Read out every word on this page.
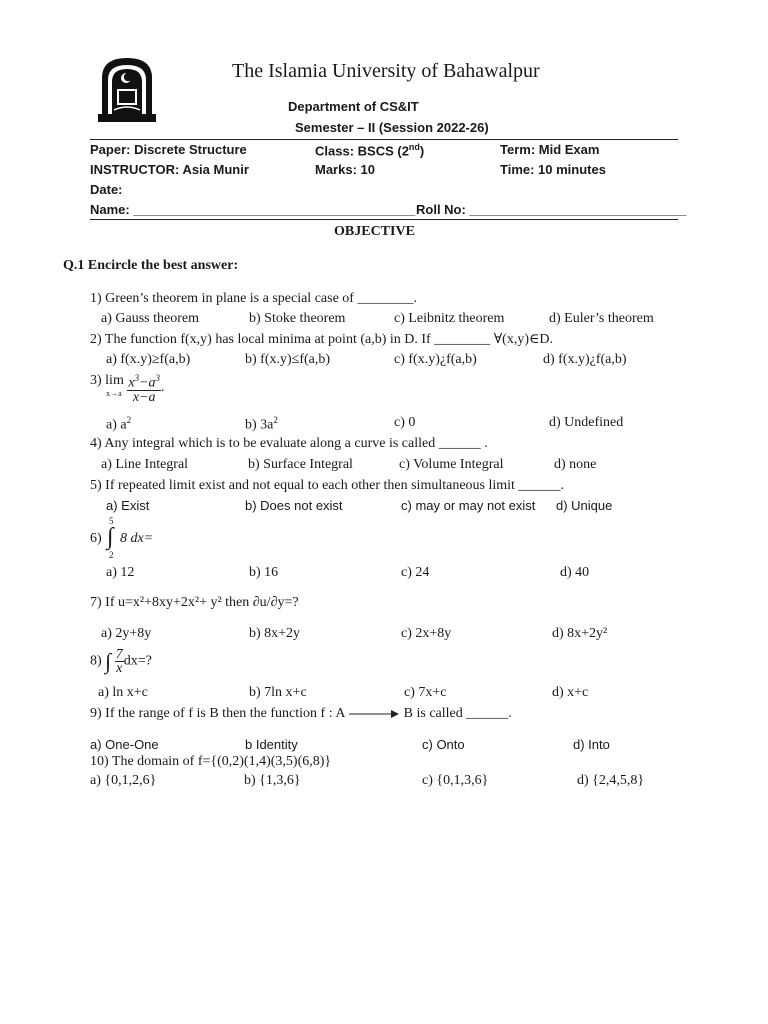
The Islamia University of Bahawalpur
Department of CS&IT
Semester – II (Session 2022-26)
Paper: Discrete Structure	Class: BSCS (2nd)	Term: Mid Exam
INSTRUCTOR: Asia Munir	Marks: 10	Time: 10 minutes
Date:
Name: _______________________________________ Roll No: ______________________________
OBJECTIVE
Q.1 Encircle the best answer:
1) Green’s theorem in plane is a special case of ________.
a) Gauss theorem	b) Stoke theorem	c) Leibnitz theorem	d) Euler’s theorem
2) The function f(x,y) has local minima at point (a,b) in D. If ________ ∀(x,y)∈D.
a) f(x.y)≥f(a,b)	b) f(x.y)≤f(a,b)	c) f(x.y)¿f(a,b)	d) f(x.y)¿f(a,b)
3) lim
$x\to a \frac{x^3-a^3}{x-a}$ .
a) $a^2$	b) $3a^2$	c) 0	d) Undefined
4) Any integral which is to be evaluate along a curve is called ______ .
a) Line Integral	b) Surface Integral	c) Volume Integral	d) none
5) If repeated limit exist and not equal to each other then simultaneous limit ______.
a) Exist	b) Does not exist	c) may or may not exist d) Unique
6)
5
∫
2
8 dx=
a) 12	b) 16	c) 24	d) 40
7) If u=x²+8xy+2x²+ y² then ∂u/∂y=?
a) 2y+8y	b) 8x+2y	c) 2x+8y	d) 8x+2y²
8) ∫ $\frac{7}{x} dx=$?
a) ln x+c	b) 7ln x+c	c) 7x+c	d) x+c
9) If the range of f is B then the function f : A	B is called ______.
a) One-One	b Identity	c) Onto	d) Into
10) The domain of f={(0,2)(1,4)(3,5)(6,8)}
a) {0,1,2,6}	b) {1,3,6}	c) {0,1,3,6}	d) {2,4,5,8}
